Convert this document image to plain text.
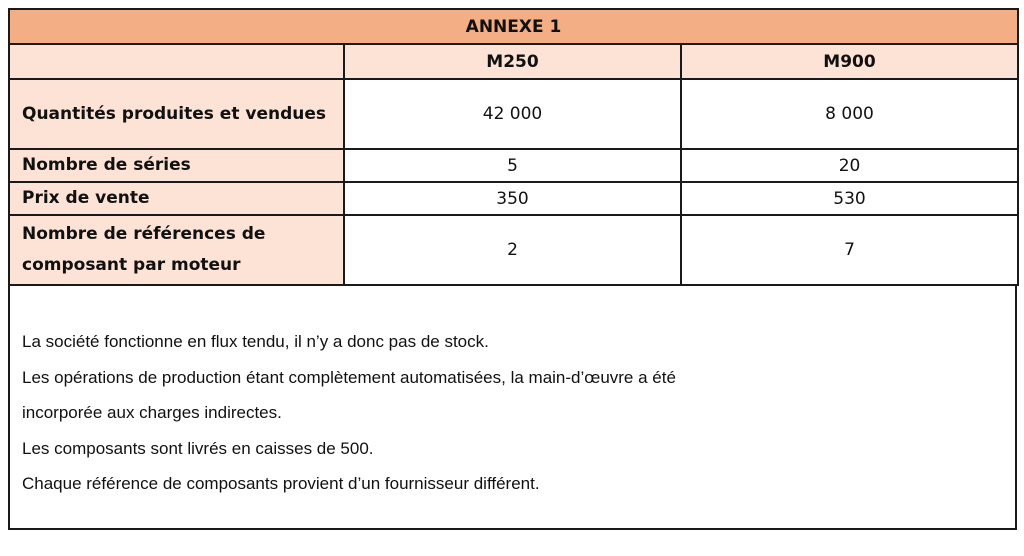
ANNEXE 1		
	M250	M900
Quantités produites et vendues	42 000	8 000
Nombre de séries	5	20
Prix de vente	350	530
Nombre de références de composant par moteur	2	7

La société fonctionne en flux tendu, il n’y a donc pas de stock.

Les opérations de production étant complètement automatisées, la main-d’œuvre a été

incorporée aux charges indirectes.

Les composants sont livrés en caisses de 500.

Chaque référence de composants provient d’un fournisseur différent.
